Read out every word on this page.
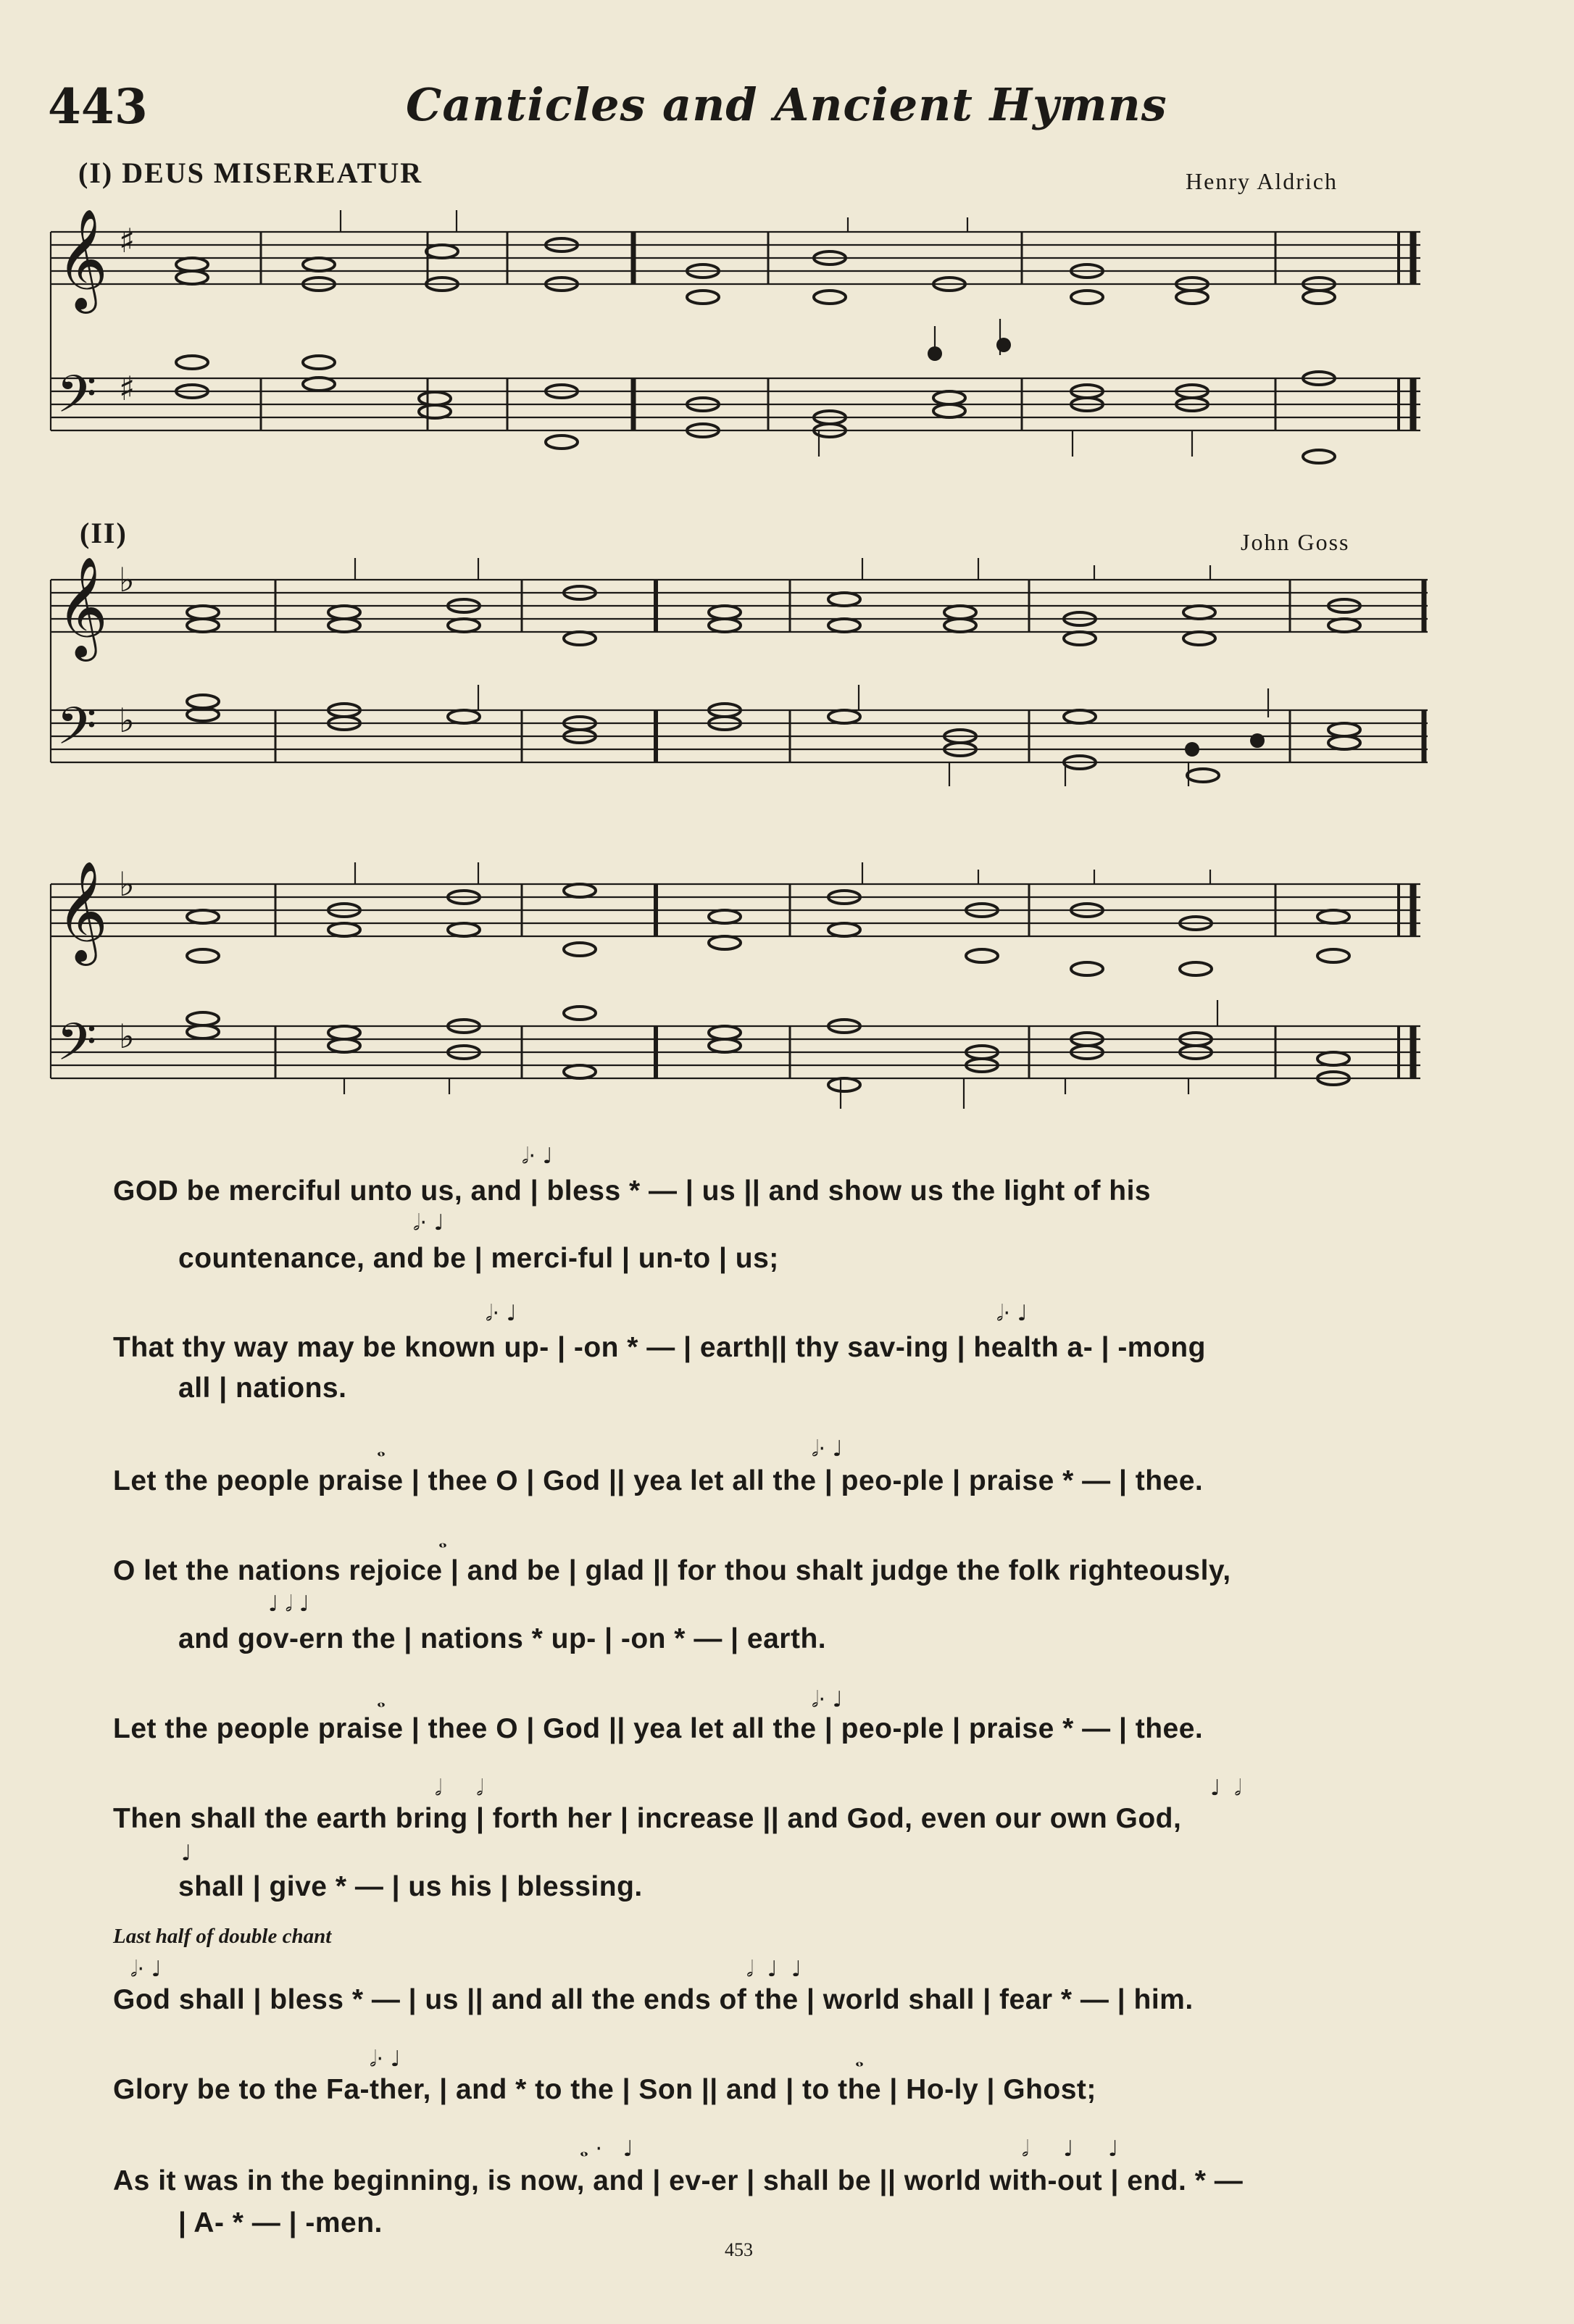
443	Canticles and Ancient Hymns
(I) DEUS MISEREATUR	Henry Aldrich
𝄞
𝄢
♯
♯
(II)	John Goss
𝄞
𝄢
♭
♭
𝄞
𝄢
♭
♭
𝅗𝅥· ♩
GOD be merciful unto us, and | bless * — | us || and show us the light of his
𝅗𝅥· ♩
countenance, and be | merci-ful | un-to | us;
𝅗𝅥· ♩	𝅗𝅥· ♩
That thy way may be known up- | -on * — | earth|| thy sav-ing | health a- | -mong
all | nations.
𝅝	𝅗𝅥· ♩
Let the people praise | thee O | God || yea let all the | peo-ple | praise * — | thee.
𝅝
O let the nations rejoice | and be | glad || for thou shalt judge the folk righteously,
♩ 𝅗𝅥 ♩
and gov-ern the | nations * up- | -on * — | earth.
𝅝	𝅗𝅥· ♩
Let the people praise | thee O | God || yea let all the | peo-ple | praise * — | thee.
𝅗𝅥     𝅗𝅥	♩  𝅗𝅥
Then shall the earth bring | forth her | increase || and God, even our own God,
♩
shall | give * — | us his | blessing.
Last half of double chant
𝅗𝅥· ♩	𝅗𝅥  ♩  ♩
God shall | bless * — | us || and all the ends of the | world shall | fear * — | him.
𝅗𝅥· ♩	𝅝
Glory be to the Fa-ther, | and * to the | Son || and | to the | Ho-ly | Ghost;
𝅝 ·   ♩	𝅗𝅥     ♩     ♩
As it was in the beginning, is now, and | ev-er | shall be || world with-out | end. * —
| A- * — | -men.
453
